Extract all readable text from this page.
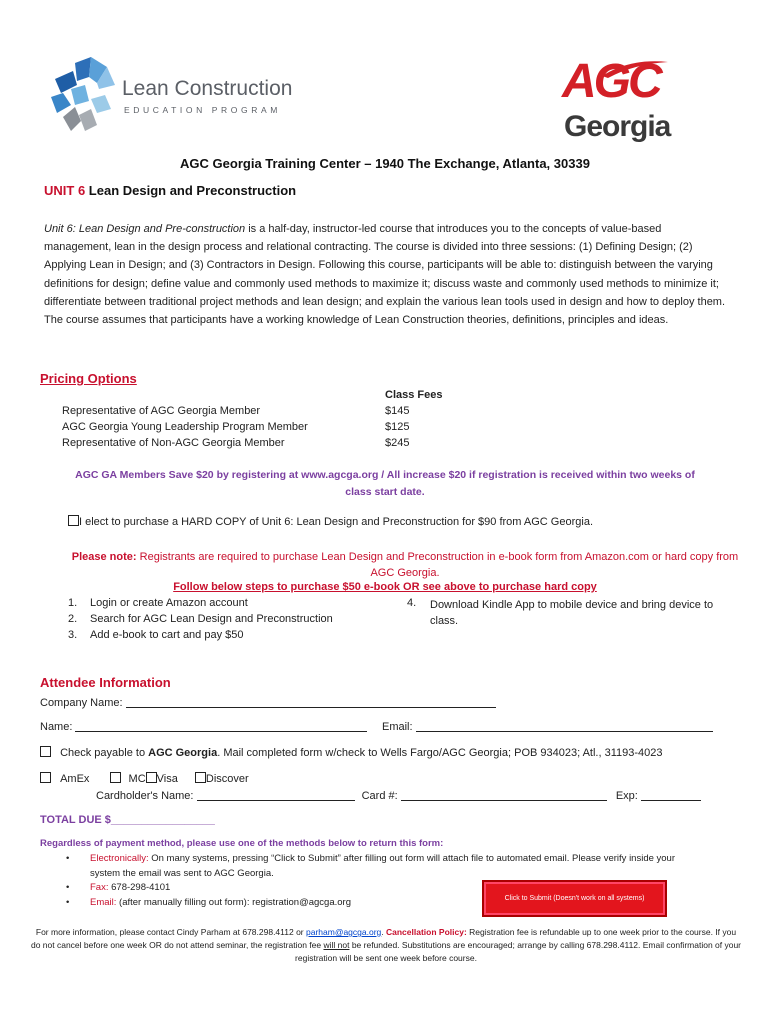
Lean Construction
EDUCATION PROGRAM
AGC
Georgia
AGC Georgia Training Center – 1940 The Exchange, Atlanta, 30339
UNIT 6 Lean Design and Preconstruction
Unit 6: Lean Design and Pre-construction is a half-day, instructor-led course that introduces you to the concepts of value-based management, lean in the design process and relational contracting. The course is divided into three sessions: (1) Defining Design; (2) Applying Lean in Design; and (3) Contractors in Design. Following this course, participants will be able to: distinguish between the varying definitions for design; define value and commonly used methods to maximize it; discuss waste and commonly used methods to minimize it; differentiate between traditional project methods and lean design; and explain the various lean tools used in design and how to deploy them. The course assumes that participants have a working knowledge of Lean Construction theories, definitions, principles and ideas.
Pricing Options
Class Fees
Representative of AGC Georgia Member	$145
AGC Georgia Young Leadership Program Member	$125
Representative of Non-AGC Georgia Member	$245
AGC GA Members Save $20 by registering at www.agcga.org / All increase $20 if registration is received within two weeks of class start date.
I elect to purchase a HARD COPY of Unit 6: Lean Design and Preconstruction for $90 from AGC Georgia.
Please note: Registrants are required to purchase Lean Design and Preconstruction in e-book form from Amazon.com or hard copy from AGC Georgia.
Follow below steps to purchase $50 e-book OR see above to purchase hard copy
1. Login or create Amazon account
2. Search for AGC Lean Design and Preconstruction
3. Add e-book to cart and pay $50
4.	Download Kindle App to mobile device and bring device to class.
Attendee Information
Company Name:
Name:	Email:
Check payable to AGC Georgia. Mail completed form w/check to Wells Fargo/AGC Georgia; POB 934023; Atl., 31193-4023
AmEx	MC Visa	Discover
Cardholder's Name:	Card #:	Exp:
TOTAL DUE $_________________
Regardless of payment method, please use one of the methods below to return this form:
• Electronically: On many systems, pressing “Click to Submit” after filling out form will attach file to automated email. Please verify inside your system the email was sent to AGC Georgia.
• Fax: 678-298-4101
• Email: (after manually filling out form): registration@agcga.org	Click to Submit (Doesn't work on all systems)
For more information, please contact Cindy Parham at 678.298.4112 or parham@agcga.org. Cancellation Policy: Registration fee is refundable up to one week prior to the course. If you do not cancel before one week OR do not attend seminar, the registration fee will not be refunded. Substitutions are encouraged; arrange by calling 678.298.4112. Email confirmation of your registration will be sent one week before course.
